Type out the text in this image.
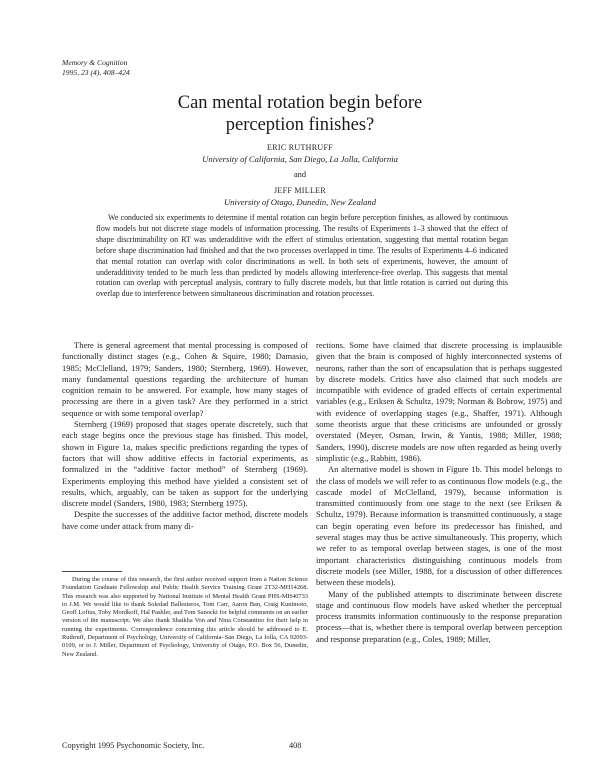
Memory & Cognition
1995, 23 (4), 408–424
Can mental rotation begin before
perception finishes?
ERIC RUTHRUFF
University of California, San Diego, La Jolla, California
and
JEFF MILLER
University of Otago, Dunedin, New Zealand
We conducted six experiments to determine if mental rotation can begin before perception finishes, as allowed by continuous flow models but not discrete stage models of information processing. The results of Experiments 1–3 showed that the effect of shape discriminability on RT was underadditive with the effect of stimulus orientation, suggesting that mental rotation began before shape discrimination had finished and that the two processes overlapped in time. The results of Experiments 4–6 indicated that mental rotation can overlap with color discriminations as well. In both sets of experiments, however, the amount of underadditivity tended to be much less than predicted by models allowing interference-free overlap. This suggests that mental rotation can overlap with perceptual analysis, contrary to fully discrete models, but that little rotation is carried out during this overlap due to interference between simultaneous discrimination and rotation processes.

There is general agreement that mental processing is composed of functionally distinct stages (e.g., Cohen & Squire, 1980; Damasio, 1985; McClelland, 1979; Sanders, 1980; Sternberg, 1969). However, many fundamental questions regarding the architecture of human cognition remain to be answered. For example, how many stages of processing are there in a given task? Are they performed in a strict sequence or with some temporal overlap?

Sternberg (1969) proposed that stages operate discretely, such that each stage begins once the previous stage has finished. This model, shown in Figure 1a, makes specific predictions regarding the types of factors that will show additive effects in factorial experiments, as formalized in the “additive factor method” of Sternberg (1969). Experiments employing this method have yielded a consistent set of results, which, arguably, can be taken as support for the underlying discrete model (Sanders, 1980, 1983; Sternberg 1975).

Despite the successes of the additive factor method, discrete models have come under attack from many di-

rections. Some have claimed that discrete processing is implausible given that the brain is composed of highly interconnected systems of neurons, rather than the sort of encapsulation that is perhaps suggested by discrete models. Critics have also claimed that such models are incompatible with evidence of graded effects of certain experimental variables (e.g., Eriksen & Schultz, 1979; Norman & Bobrow, 1975) and with evidence of overlapping stages (e.g., Shaffer, 1971). Although some theorists argue that these criticisms are unfounded or grossly overstated (Meyer, Osman, Irwin, & Yantis, 1988; Miller, 1988; Sanders, 1990), discrete models are now often regarded as being overly simplistic (e.g., Rabbitt, 1986).

An alternative model is shown in Figure 1b. This model belongs to the class of models we will refer to as continuous flow models (e.g., the cascade model of McClelland, 1979), because information is transmitted continuously from one stage to the next (see Eriksen & Schultz, 1979). Because information is transmitted continuously, a stage can begin operating even before its predecessor has finished, and several stages may thus be active simultaneously. This property, which we refer to as temporal overlap between stages, is one of the most important characteristics distinguishing continuous models from discrete models (see Miller, 1988, for a discussion of other differences between these models).

Many of the published attempts to discriminate between discrete stage and continuous flow models have asked whether the perceptual process transmits information continuously to the response preparation process—that is, whether there is temporal overlap between perception and response preparation (e.g., Coles, 1989; Miller,

During the course of this research, the first author received support from a Nation Science Foundation Graduate Fellowship and Public Health Service Training Grant 2T32-MH14268. This research was also supported by National Institute of Mental Health Grant PHS-MH40733 to J.M. We would like to thank Soledad Ballesteros, Tom Carr, Aaron Ban, Craig Kunimoto, Geoff Loftus, Toby Mordkoff, Hal Pashler, and Tom Sanocki for helpful comments on an earlier version of the manuscript. We also thank Shaikha Von and Nina Constantino for their help in running the experiments. Correspondence concerning this article should be addressed to E. Ruthruff, Department of Psychology, University of California–San Diego, La Jolla, CA 92093-0109, or to J. Miller, Department of Psychology, University of Otago, P.O. Box 56, Dunedin, New Zealand.
Copyright 1995 Psychonomic Society, Inc.	408
